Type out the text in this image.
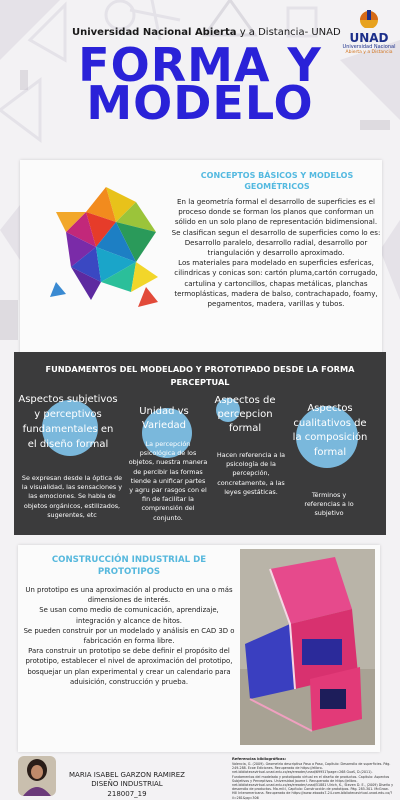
Universidad Nacional Abierta y a Distancia- UNAD UNAD
Universidad Nacional
Abierta y a Distancia
FORMA Y
MODELO
CONCEPTOS BÁSICOS Y MODELOS GEOMÉTRICOS
En la geometría formal el desarrollo de superficies es el proceso donde se forman los planos que conforman un sólido en un solo plano de representación bidimensional.
Se clasifican segun el desarrollo de superficies como lo es: Desarrollo paralelo, desarrollo radial, desarrollo por triangulación y desarrollo aproximado.
Los materiales para modelado en superficies esfericas, cilindricas y conicas son: cartón pluma,cartón corrugado, cartulina y cartoncillos, chapas metálicas, planchas termoplásticas, madera de balso, contrachapado, foamy, pegamentos, madera, varillas y tubos.
FUNDAMENTOS DEL MODELADO Y PROTOTIPADO DESDE LA FORMA PERCEPTUAL
Aspectos subjetivos y perceptivos fundamentales en el diseño formal
Se expresan desde la óptica de la visualidad, las sensaciones y las emociones. Se habla de objetos orgánicos, estilizados, sugerentes, etc
Unidad vs Variedad
La percepción psicológica de los objetos, nuestra manera de percibir las formas tiende a unificar partes y agru par rasgos con el fin de facilitar la comprensión del conjunto.
Aspectos de percepcion formal
Hacen referencia a la psicología de la percepción, concretamente, a las leyes gestáticas.
Aspectos cualitativos de la composición formal
Términos y referencias a lo subjetivo
CONSTRUCCIÓN INDUSTRIAL DE PROTOTIPOS
Un prototipo es una aproximación al producto en una o más dimensiones de interés.
Se usan como medio de comunicación, aprendizaje, integración y alcance de hitos.
Se pueden construir por un modelado y análisis en CAD 3D o fabricación en forma libre.
Para construir un prototipo se debe definir el propósito del prototipo, establecer el nivel de aproximación del prototipo, bosquejar un plan experimental y crear un calendario para aduisición, construcción y prueba.
MARIA ISABEL GARZON RAMIREZ
DISEÑO INDUSTRIAL
218007_19
Referencias bibliográficas:
Valencia, G. (2009). Geometría descriptiva Paso a Paso, Capítulo: Desarrollo de superficies. Pág. 249-288. Ecoe Ediciones. Recuperado de https://elibro-net.bibliotecavirtual.unad.edu.co/es/ereader/unad/69951?page=268 Guaš, D.(2011). Fundamentos del modelado y prototipado virtual en el diseño de productos. Capitulo: Aspectos Subjetivos y Perceptivos. Universidad Jaume I. Recuperado de https://elibro-net.bibliotecavirtual.unad.edu.co/es/ereader/unad/51881 Ulrich, K., Steven D. E., (2009) Diseño y desarrollo de productos. Ma.mil:l, Capítulo: Construcción de prototipos. Pág. 285-301. McGraw-Hill Interamericana. Recuperado de https://www-ebooks7-24-com.bibliotecavirtual.unad.edu.co/?il=281&pg=306
